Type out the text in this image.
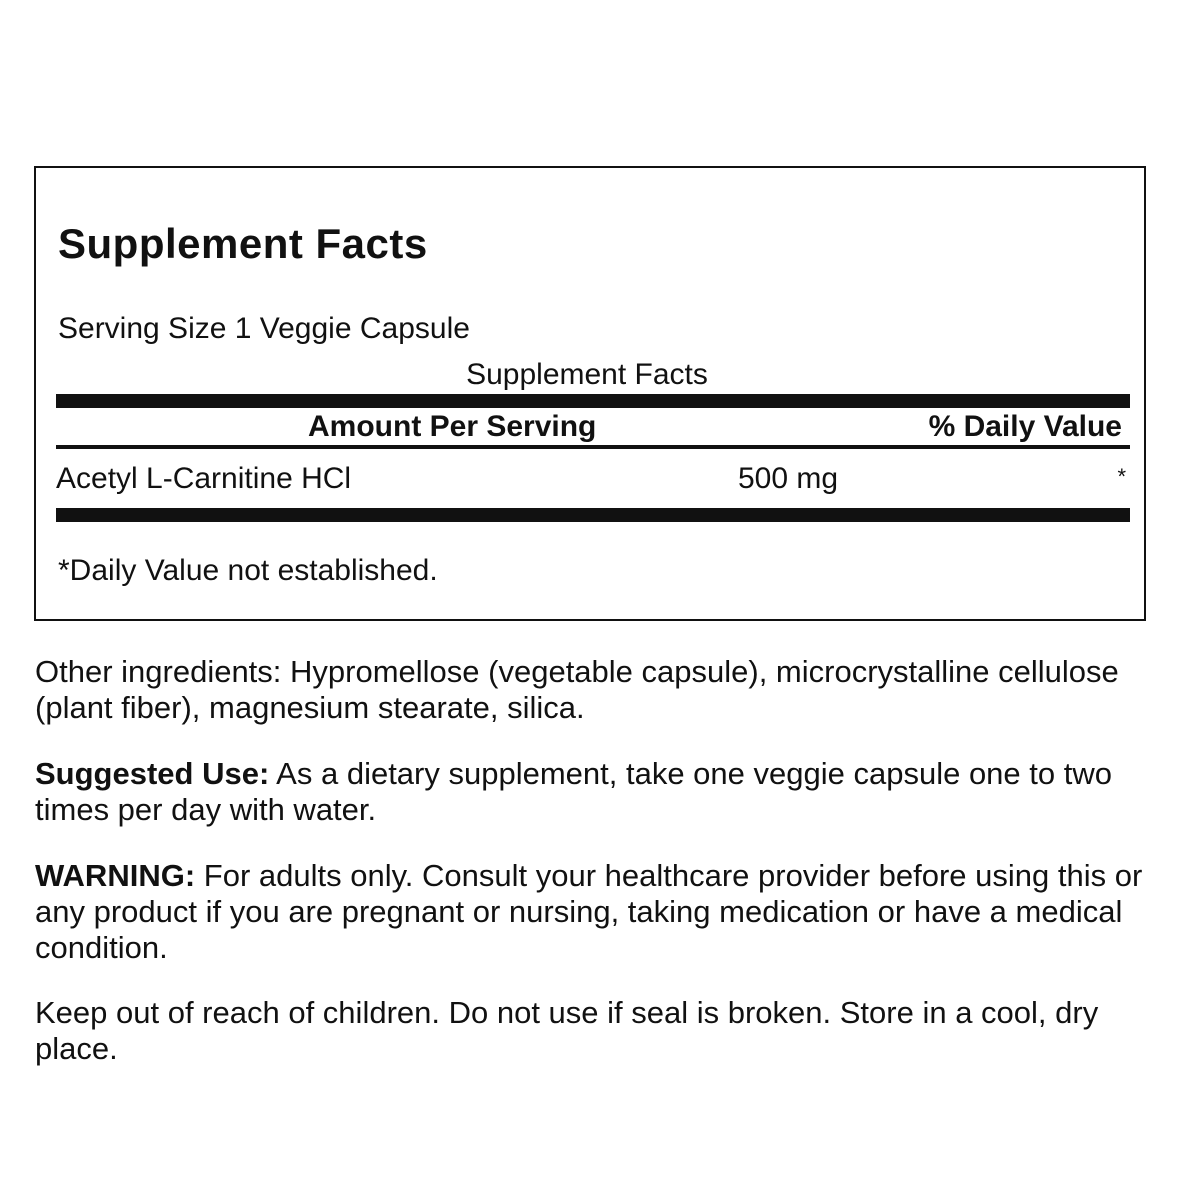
Supplement Facts
Serving Size 1 Veggie Capsule
Supplement Facts
Amount Per Serving	% Daily Value
Acetyl L-Carnitine HCl	500 mg	*
*Daily Value not established.

Other ingredients: Hypromellose (vegetable capsule), microcrystalline cellulose (plant fiber), magnesium stearate, silica.

Suggested Use: As a dietary supplement, take one veggie capsule one to two times per day with water.

WARNING: For adults only. Consult your healthcare provider before using this or any product if you are pregnant or nursing, taking medication or have a medical condition.

Keep out of reach of children. Do not use if seal is broken. Store in a cool, dry place.
